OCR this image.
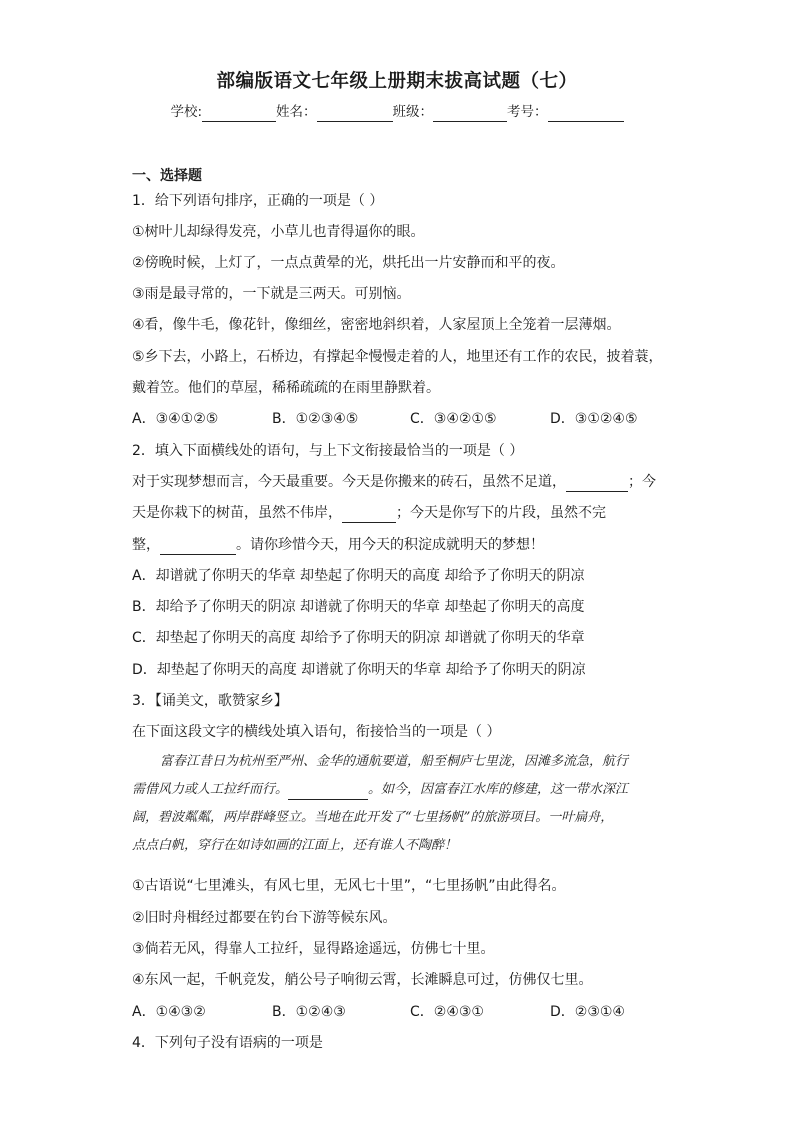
部编版语文七年级上册期末拔高试题（七）
学校:	姓名：	班级：	考号：
一、选择题
1．给下列语句排序，正确的一项是（ ）
①树叶儿却绿得发亮，小草儿也青得逼你的眼。
②傍晚时候，上灯了，一点点黄晕的光，烘托出一片安静而和平的夜。
③雨是最寻常的，一下就是三两天。可别恼。
④看，像牛毛，像花针，像细丝，密密地斜织着，人家屋顶上全笼着一层薄烟。
⑤乡下去，小路上，石桥边，有撑起伞慢慢走着的人，地里还有工作的农民，披着蓑，
戴着笠。他们的草屋，稀稀疏疏的在雨里静默着。
A．③④①②⑤	B．①②③④⑤	C．③④②①⑤	D．③①②④⑤
2．填入下面横线处的语句，与上下文衔接最恰当的一项是（ ）
对于实现梦想而言，今天最重要。今天是你搬来的砖石，虽然不足道，	；今
天是你栽下的树苗，虽然不伟岸，	；今天是你写下的片段，虽然不完
整，	。请你珍惜今天，用今天的积淀成就明天的梦想！
A．却谱就了你明天的华章 却垫起了你明天的高度 却给予了你明天的阴凉
B．却给予了你明天的阴凉 却谱就了你明天的华章 却垫起了你明天的高度
C．却垫起了你明天的高度 却给予了你明天的阴凉 却谱就了你明天的华章
D．却垫起了你明天的高度 却谱就了你明天的华章 却给予了你明天的阴凉
3．【诵美文，歌赞家乡】
在下面这段文字的横线处填入语句，衔接恰当的一项是（ ）
富春江昔日为杭州至严州、金华的通航要道，船至桐庐七里泷，因滩多流急，航行
需借风力或人工拉纤而行。	。如今，因富春江水库的修建，这一带水深江
阔，碧波粼粼，两岸群峰竖立。当地在此开发了“七里扬帆”的旅游项目。一叶扁舟，
点点白帆，穿行在如诗如画的江面上，还有谁人不陶醉！
①古语说“七里滩头，有风七里，无风七十里”，“七里扬帆”由此得名。
②旧时舟楫经过都要在钓台下游等候东风。
③倘若无风，得靠人工拉纤，显得路途遥远，仿佛七十里。
④东风一起，千帆竞发，艄公号子响彻云霄，长滩瞬息可过，仿佛仅七里。
A．①④③②	B．①②④③	C．②④③①	D．②③①④
4．下列句子没有语病的一项是
